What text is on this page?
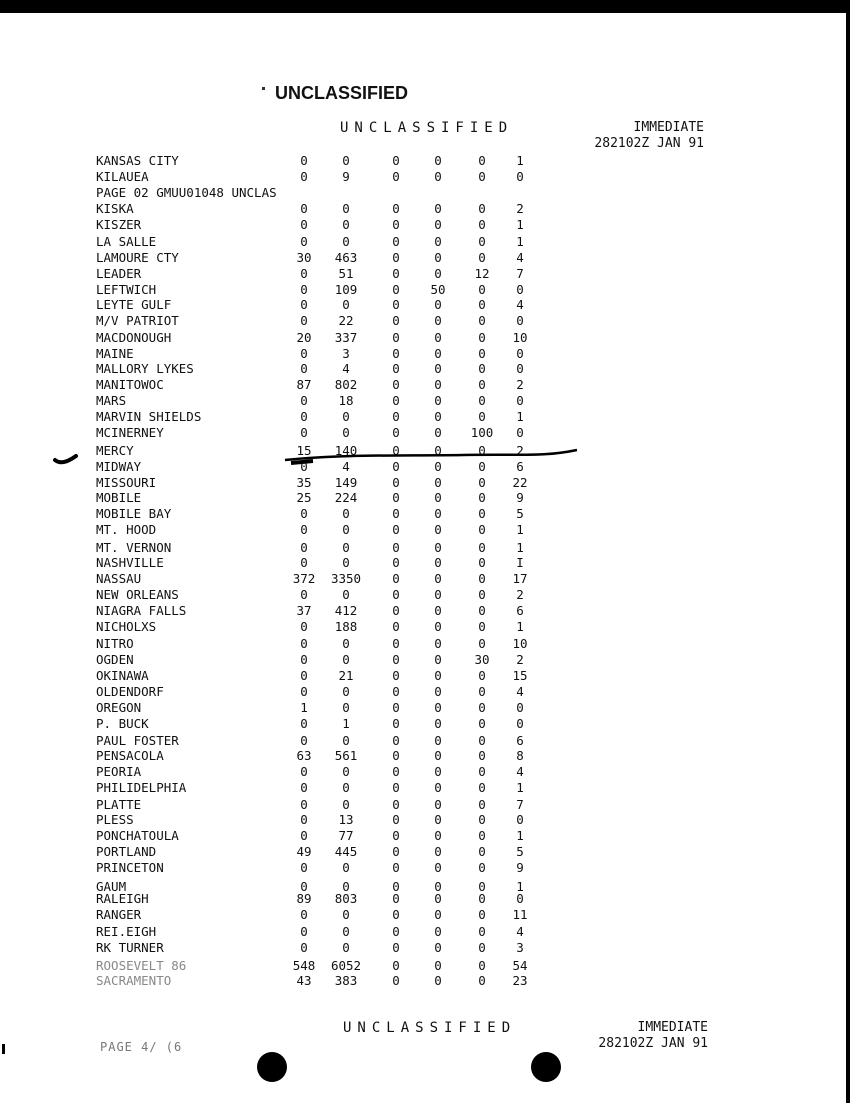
UNCLASSIFIED
UNCLASSIFIED	IMMEDIATE
282102Z JAN 91
PAGE 02 GMUU01048 UNCLAS
KANSAS CITY	0	0	0	0	0	1
KILAUEA	0	9	0	0	0	0
KISKA	0	0	0	0	0	2
KISZER	0	0	0	0	0	1
LA SALLE	0	0	0	0	0	1
LAMOURE CTY	30	463	0	0	0	4
LEADER	0	51	0	0	12	7
LEFTWICH	0	109	0	50	0	0
LEYTE GULF	0	0	0	0	0	4
M/V PATRIOT	0	22	0	0	0	0
MACDONOUGH	20	337	0	0	0	10
MAINE	0	3	0	0	0	0
MALLORY LYKES	0	4	0	0	0	0
MANITOWOC	87	802	0	0	0	2
MARS	0	18	0	0	0	0
MARVIN SHIELDS	0	0	0	0	0	1
MCINERNEY	0	0	0	0	100	0
MERCY	15	140	0	0	0	2
MIDWAY	0	4	0	0	0	6
MISSOURI	35	149	0	0	0	22
MOBILE	25	224	0	0	0	9
MOBILE BAY	0	0	0	0	0	5
MT. HOOD	0	0	0	0	0	1
MT. VERNON	0	0	0	0	0	1
NASHVILLE	0	0	0	0	0	I
NASSAU	372	3350	0	0	0	17
NEW ORLEANS	0	0	0	0	0	2
NIAGRA FALLS	37	412	0	0	0	6
NICHOLXS	0	188	0	0	0	1
NITRO	0	0	0	0	0	10
OGDEN	0	0	0	0	30	2
OKINAWA	0	21	0	0	0	15
OLDENDORF	0	0	0	0	0	4
OREGON	1	0	0	0	0	0
P. BUCK	0	1	0	0	0	0
PAUL FOSTER	0	0	0	0	0	6
PENSACOLA	63	561	0	0	0	8
PEORIA	0	0	0	0	0	4
PHILIDELPHIA	0	0	0	0	0	1
PLATTE	0	0	0	0	0	7
PLESS	0	13	0	0	0	0
PONCHATOULA	0	77	0	0	0	1
PORTLAND	49	445	0	0	0	5
PRINCETON	0	0	0	0	0	9
GAUM	0	0	0	0	0	1
RALEIGH	89	803	0	0	0	0
RANGER	0	0	0	0	0	11
REI.EIGH	0	0	0	0	0	4
RK TURNER	0	0	0	0	0	3
ROOSEVELT 86	548	6052	0	0	0	54
SACRAMENTO	43	383	0	0	0	23
UNCLASSIFIED	IMMEDIATE
282102Z JAN 91
PAGE 4/ (6
